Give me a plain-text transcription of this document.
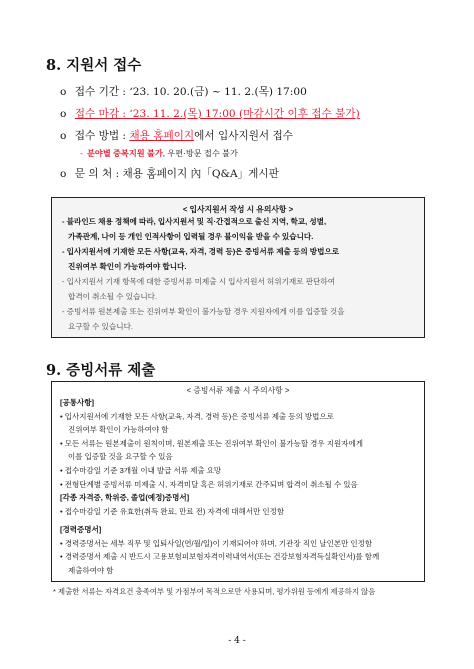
8. 지원서 접수
o 접수 기간 : ‘23. 10. 20.(금) ~ 11. 2.(목) 17:00
o 접수 마감 : ‘23. 11. 2.(목) 17:00 (마감시간 이후 접수 불가)
o 접수 방법 : 채용 홈페이지에서 입사지원서 접수
- 분야별 중복지원 불가, 우편·방문 접수 불가
o 문 의 처 : 채용 홈페이지 內「Q&A」게시판
< 입사지원서 작성 시 유의사항 >
- 블라인드 채용 정책에 따라, 입사지원서 및 직·간접적으로 출신 지역, 학교, 성별,
가족관계, 나이 등 개인 인적사항이 입력될 경우 불이익을 받을 수 있습니다.
- 입사지원서에 기재한 모든 사항(교육, 자격, 경력 등)은 증빙서류 제출 등의 방법으로
진위여부 확인이 가능하여야 합니다.
- 입사지원서 기재 항목에 대한 증빙서류 미제출 시 입사지원서 허위기재로 판단하여
합격이 취소될 수 있습니다.
- 증빙서류 원본제출 또는 진위여부 확인이 불가능할 경우 지원자에게 이를 입증할 것을
요구할 수 있습니다.
9. 증빙서류 제출
< 증빙서류 제출 시 주의사항 >
[공통사항]
• 입사지원서에 기재한 모든 사항(교육, 자격, 경력 등)은 증빙서류 제출 등의 방법으로
진위여부 확인이 가능하여야 함
• 모든 서류는 원본제출이 원칙이며, 원본제출 또는 진위여부 확인이 불가능할 경우 지원자에게
이를 입증할 것을 요구할 수 있음
• 접수마감일 기준 3개월 이내 발급 서류 제출 요망
• 전형단계별 증빙서류 미제출 시, 자격미달 혹은 허위기재로 간주되며 합격이 취소될 수 있음
[각종 자격증, 학위증, 졸업(예정)증명서]
• 접수마감일 기준 유효한(취득 완료, 만료 전) 자격에 대해서만 인정함
[경력증명서]
• 경력증명서는 세부 직무 및 입퇴사일(연/월/일)이 기재되어야 하며, 기관장 직인 날인본만 인정함
• 경력증명서 제출 시 반드시 고용보험피보험자격이력내역서(또는 건강보험자격득실확인서)를 함께
제출하여야 함
* 제출한 서류는 자격요건 충족여부 및 가점부여 목적으로만 사용되며, 평가위원 등에게 제공하지 않음
- 4 -
